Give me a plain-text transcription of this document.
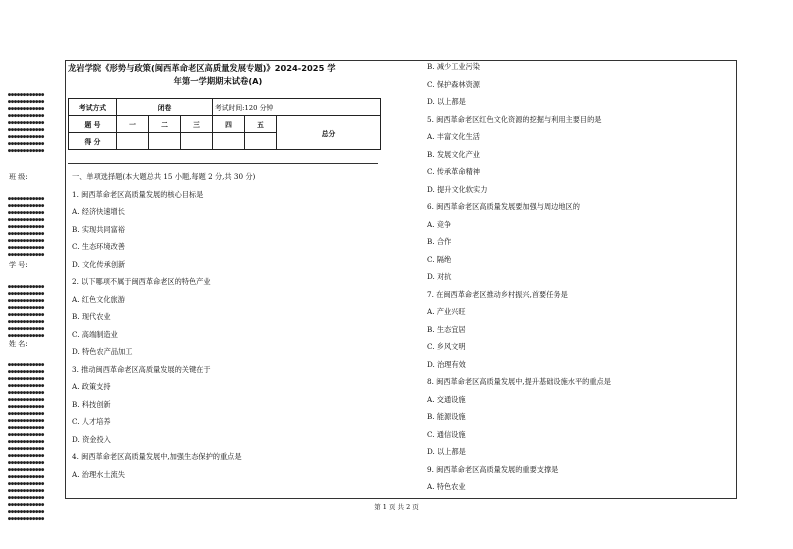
●●●●●●●●●●●●
●●●●●●●●●●●●
●●●●●●●●●●●●
●●●●●●●●●●●●
●●●●●●●●●●●●
●●●●●●●●●●●●
●●●●●●●●●●●●
●●●●●●●●●●●●
●●●●●●●●●●●●
班 级:
●●●●●●●●●●●●
●●●●●●●●●●●●
●●●●●●●●●●●●
●●●●●●●●●●●●
●●●●●●●●●●●●
●●●●●●●●●●●●
●●●●●●●●●●●●
●●●●●●●●●●●●
●●●●●●●●●●●●
学 号:
●●●●●●●●●●●●
●●●●●●●●●●●●
●●●●●●●●●●●●
●●●●●●●●●●●●
●●●●●●●●●●●●
●●●●●●●●●●●●
●●●●●●●●●●●●
●●●●●●●●●●●●
姓 名:
●●●●●●●●●●●●
●●●●●●●●●●●●
●●●●●●●●●●●●
●●●●●●●●●●●●
●●●●●●●●●●●●
●●●●●●●●●●●●
●●●●●●●●●●●●
●●●●●●●●●●●●
●●●●●●●●●●●●
●●●●●●●●●●●●
●●●●●●●●●●●●
●●●●●●●●●●●●
●●●●●●●●●●●●
●●●●●●●●●●●●
●●●●●●●●●●●●
●●●●●●●●●●●●
●●●●●●●●●●●●
●●●●●●●●●●●●
●●●●●●●●●●●●
●●●●●●●●●●●●
●●●●●●●●●●●●
●●●●●●●●●●●●
●●●●●●●●●●●●
龙岩学院《形势与政策(闽西革命老区高质量发展专题)》2024-2025 学
年第一学期期末试卷(A)
考试方式	闭卷			考试时间:120 分钟		
题 号	一	二	三	四	五	总分
得 分						
一、单项选择题(本大题总共 15 小题,每题 2 分,共 30 分)
1. 闽西革命老区高质量发展的核心目标是
A. 经济快速增长
B. 实现共同富裕
C. 生态环境改善
D. 文化传承创新
2. 以下哪项不属于闽西革命老区的特色产业
A. 红色文化旅游
B. 现代农业
C. 高端制造业
D. 特色农产品加工
3. 推动闽西革命老区高质量发展的关键在于
A. 政策支持
B. 科技创新
C. 人才培养
D. 资金投入
4. 闽西革命老区高质量发展中,加强生态保护的重点是
A. 治理水土流失
B. 减少工业污染
C. 保护森林资源
D. 以上都是
5. 闽西革命老区红色文化资源的挖掘与利用主要目的是
A. 丰富文化生活
B. 发展文化产业
C. 传承革命精神
D. 提升文化软实力
6. 闽西革命老区高质量发展要加强与周边地区的
A. 竞争
B. 合作
C. 隔绝
D. 对抗
7. 在闽西革命老区推动乡村振兴,首要任务是
A. 产业兴旺
B. 生态宜居
C. 乡风文明
D. 治理有效
8. 闽西革命老区高质量发展中,提升基础设施水平的重点是
A. 交通设施
B. 能源设施
C. 通信设施
D. 以上都是
9. 闽西革命老区高质量发展的重要支撑是
A. 特色农业
第 1 页 共 2 页
